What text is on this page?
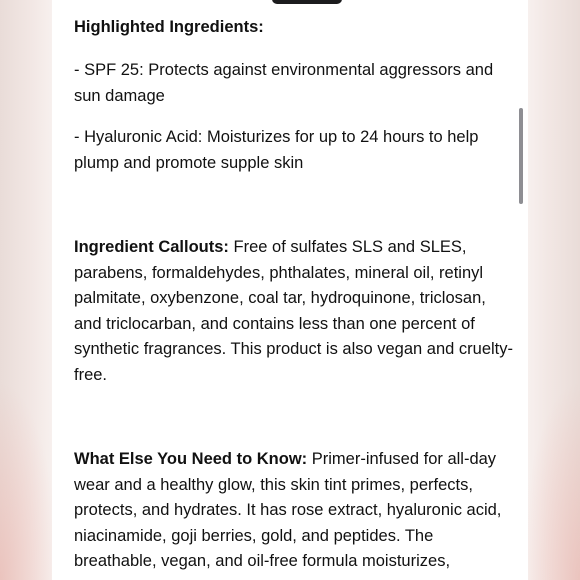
Highlighted Ingredients:

- SPF 25: Protects against environmental aggressors and sun damage

- Hyaluronic Acid: Moisturizes for up to 24 hours to help plump and promote supple skin

Ingredient Callouts: Free of sulfates SLS and SLES, parabens, formaldehydes, phthalates, mineral oil, retinyl palmitate, oxybenzone, coal tar, hydroquinone, triclosan, and triclocarban, and contains less than one percent of synthetic fragrances. This product is also vegan and cruelty-free.

What Else You Need to Know: Primer-infused for all-day wear and a healthy glow, this skin tint primes, perfects, protects, and hydrates. It has rose extract, hyaluronic acid, niacinamide, goji berries, gold, and peptides. The breathable, vegan, and oil-free formula moisturizes,
